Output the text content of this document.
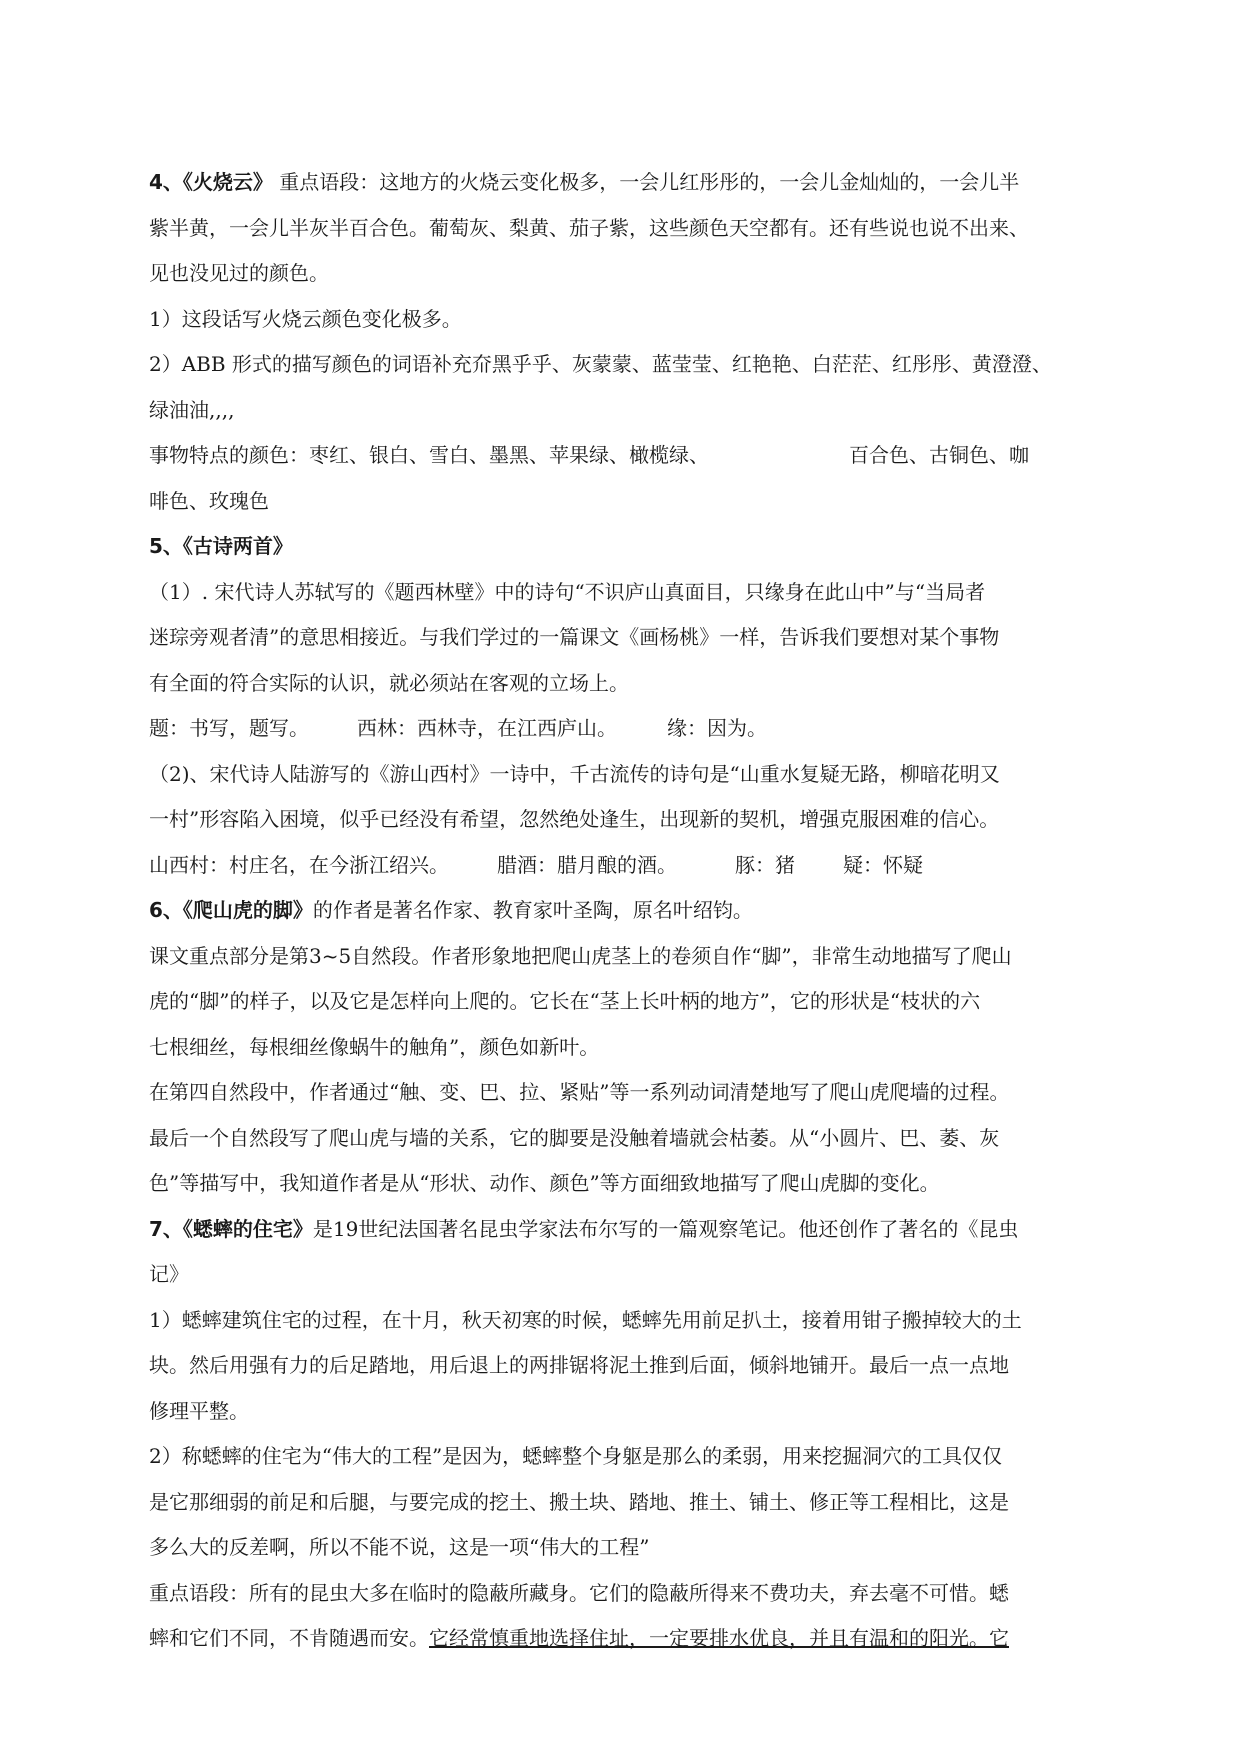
4、《火烧云》 重点语段：这地方的火烧云变化极多，一会儿红彤彤的，一会儿金灿灿的，一会儿半
紫半黄，一会儿半灰半百合色。葡萄灰、梨黄、茄子紫，这些颜色天空都有。还有些说也说不出来、
见也没见过的颜色。
1）这段话写火烧云颜色变化极多。
2）ABB 形式的描写颜色的词语补充夼黑乎乎、灰蒙蒙、蓝莹莹、红艳艳、白茫茫、红彤彤、黄澄澄、
绿油油,,,,
事物特点的颜色：枣红、银白、雪白、墨黑、苹果绿、橄榄绿、	百合色、古铜色、咖
啡色、玫瑰色
5、《古诗两首》
（1）. 宋代诗人苏轼写的《题西林壁》中的诗句“不识庐山真面目，只缘身在此山中”与“当局者
迷琮旁观者清”的意思相接近。与我们学过的一篇课文《画杨桃》一样，告诉我们要想对某个事物
有全面的符合实际的认识，就必须站在客观的立场上。
题：书写，题写。 西林：西林寺，在江西庐山。	缘：因为。
（2)、宋代诗人陆游写的《游山西村》一诗中，千古流传的诗句是“山重水复疑无路，柳暗花明又
一村”形容陷入困境，似乎已经没有希望，忽然绝处逢生，出现新的契机，增强克服困难的信心。
山西村：村庄名，在今浙江绍兴。 腊酒：腊月酿的酒。	豚：猪 疑：怀疑
6、《爬山虎的脚》的作者是著名作家、教育家叶圣陶，原名叶绍钧。
课文重点部分是第3~5自然段。作者形象地把爬山虎茎上的卷须自作“脚”，非常生动地描写了爬山
虎的“脚”的样子，以及它是怎样向上爬的。它长在“茎上长叶柄的地方”，它的形状是“枝状的六
七根细丝，每根细丝像蜗牛的触角”，颜色如新叶。
在第四自然段中，作者通过“触、变、巴、拉、紧贴”等一系列动词清楚地写了爬山虎爬墙的过程。
最后一个自然段写了爬山虎与墙的关系，它的脚要是没触着墙就会枯萎。从“小圆片、巴、萎、灰
色”等描写中，我知道作者是从“形状、动作、颜色”等方面细致地描写了爬山虎脚的变化。
7、《蟋蟀的住宅》是19世纪法国著名昆虫学家法布尔写的一篇观察笔记。他还创作了著名的《昆虫
记》
1）蟋蟀建筑住宅的过程，在十月，秋天初寒的时候，蟋蟀先用前足扒土，接着用钳子搬掉较大的土
块。然后用强有力的后足踏地，用后退上的两排锯将泥土推到后面，倾斜地铺开。最后一点一点地
修理平整。
2）称蟋蟀的住宅为“伟大的工程”是因为，蟋蟀整个身躯是那么的柔弱，用来挖掘洞穴的工具仅仅
是它那细弱的前足和后腿，与要完成的挖土、搬土块、踏地、推土、铺土、修正等工程相比，这是
多么大的反差啊，所以不能不说，这是一项“伟大的工程”
重点语段：所有的昆虫大多在临时的隐蔽所藏身。它们的隐蔽所得来不费功夫，弃去毫不可惜。蟋
蟀和它们不同，不肯随遇而安。它经常慎重地选择住址，一定要排水优良，并且有温和的阳光。它
